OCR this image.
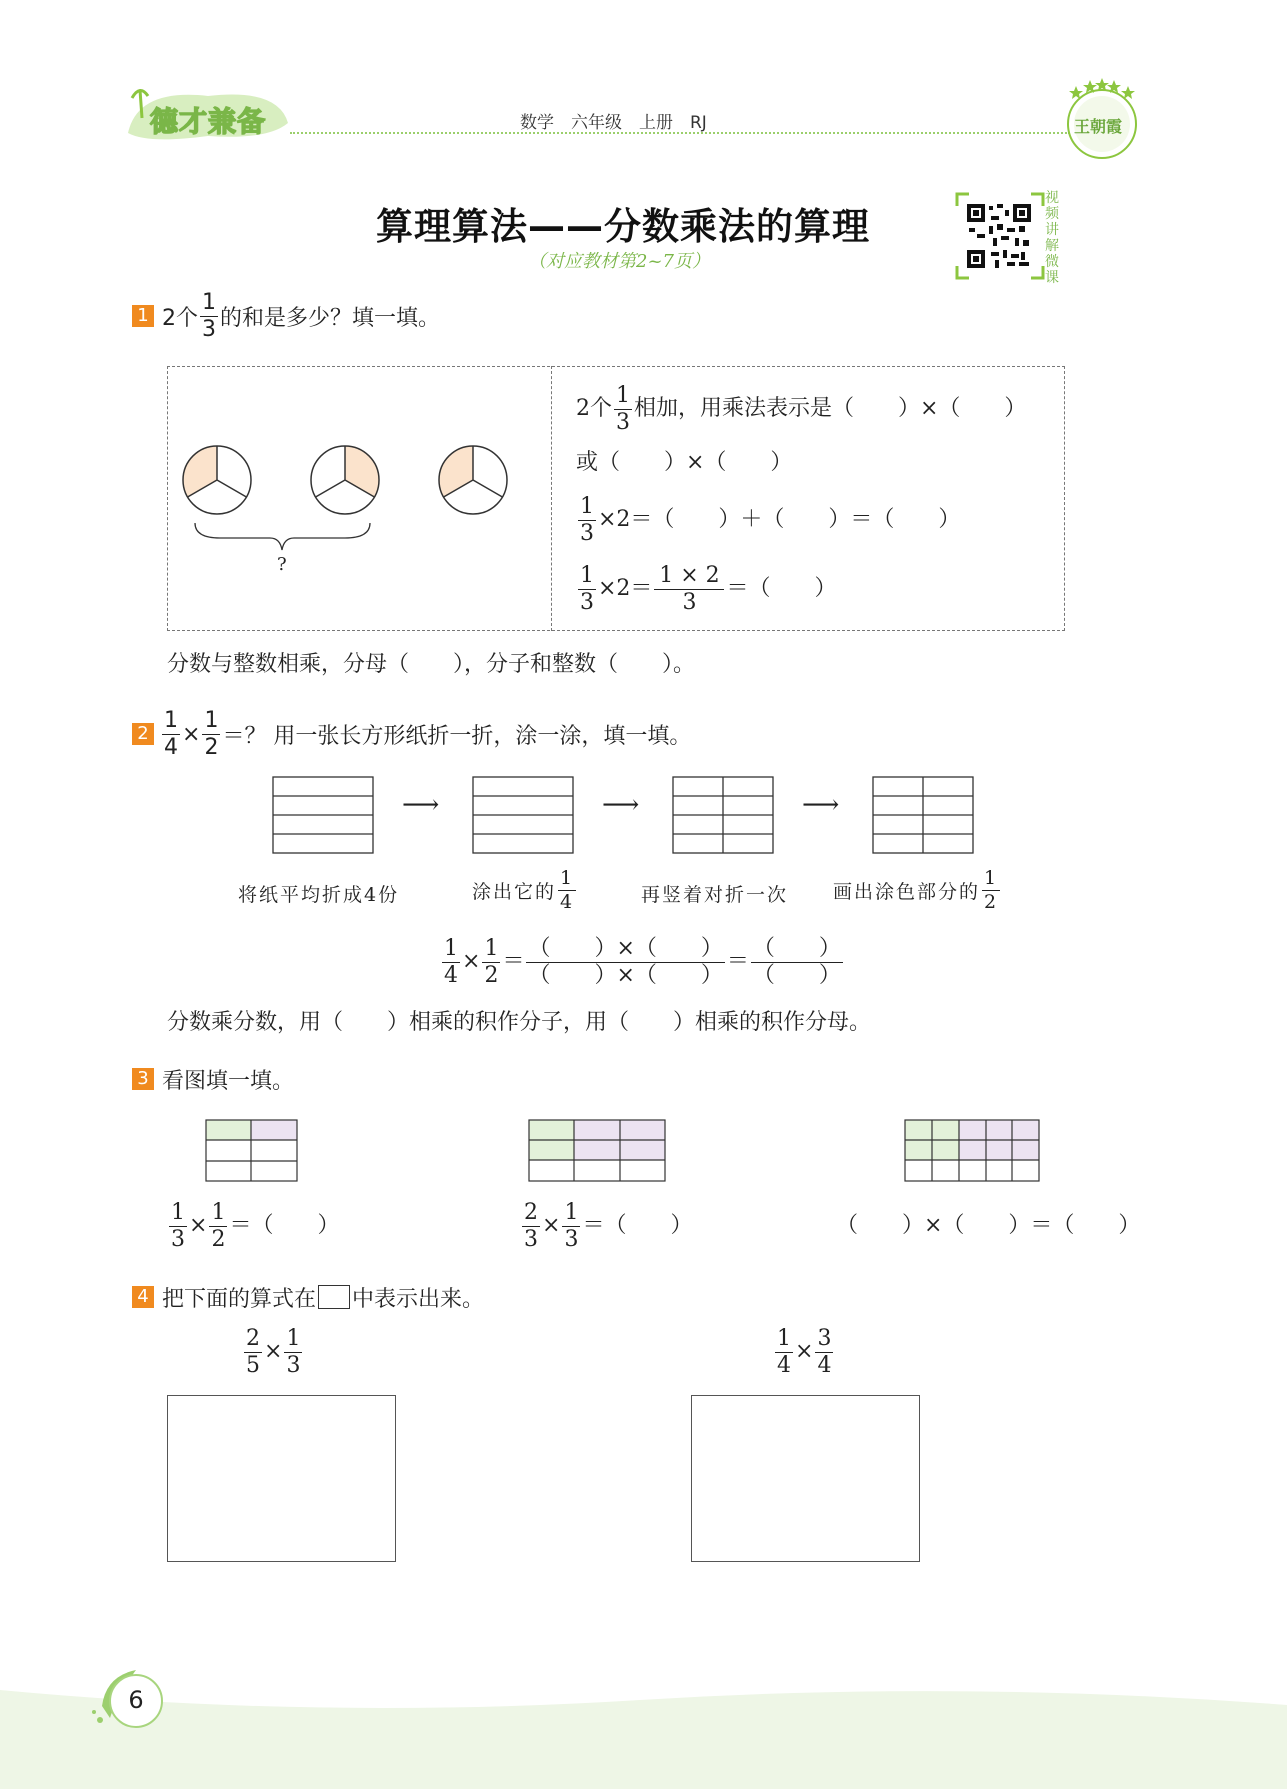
德才兼备	数学　六年级　上册　RJ	王朝霞
算理算法——分数乘法的算理
（对应教材第2~7页）
视频讲解微课
1 2个 $\frac{1}{3}$ 的和是多少？填一填。
?
2个 $\frac{1}{3}$ 相加，用乘法表示是（　　）×（　　）
或（　　）×（　　）
$\frac{1}{3} \times 2=$（　　）＋（　　）＝（　　）
$\frac{1}{3} \times 2= \frac{1 \times 2}{3}$ ＝（　　）
分数与整数相乘，分母（　　），分子和整数（　　）。
$2 \frac{1}{4} \times \frac{1}{2}$ ＝？ 用一张长方形纸折一折，涂一涂，填一填。
⟶	⟶	⟶
将纸平均折成4份	涂出它的 $\frac{1}{4}$	再竖着对折一次 画出涂色部分的 $\frac{1}{2}$
$\frac{1}{4} \times \frac{1}{2} = \frac{( )\times( )}{( )\times( )} = \frac{( )}{( )}$
分数乘分数，用（　　）相乘的积作分子，用（　　）相乘的积作分母。
3 看图填一填。
$\frac{1}{3} \times \frac{1}{2}$ ＝（　　）	$\frac{2}{3} \times \frac{1}{3}$ ＝（　　）	（　　）×（　　）＝（　　）
4 把下面的算式在 中表示出来。
$\frac{2}{5} \times \frac{1}{3}$	$\frac{1}{4} \times \frac{3}{4}$
6
